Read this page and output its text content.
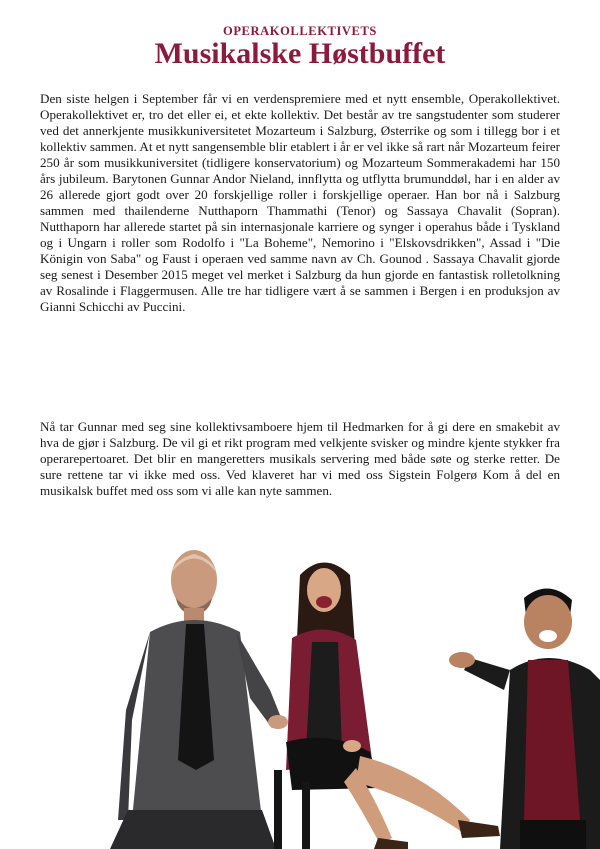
OPERAKOLLEKTIVETS
Musikalske Høstbuffet

Den siste helgen i September får vi en verdenspremiere med et nytt ensemble, Operakollektivet. Operakollektivet er, tro det eller ei, et ekte kollektiv. Det består av tre sangstudenter som studerer ved det annerkjente musikkuniversitetet Mozarteum i Salzburg, Østerrike og som i tillegg bor i et kollektiv sammen. At et nytt sangensemble blir etablert i år er vel ikke så rart når Mozarteum feirer 250 år som musikkuniversitet (tidligere konservatorium) og Mozarteum Sommerakademi har 150 års jubileum. Barytonen Gunnar Andor Nieland, innflytta og utflytta brumunddøl, har i en alder av 26 allerede gjort godt over 20 forskjellige roller i forskjellige operaer. Han bor nå i Salzburg sammen med thailenderne Nutthaporn Thammathi (Tenor) og Sassaya Chavalit (Sopran). Nutthaporn har allerede startet på sin internasjonale karriere og synger i operahus både i Tyskland og i Ungarn i roller som Rodolfo i "La Boheme", Nemorino i "Elskovsdrikken", Assad i "Die Königin von Saba" og Faust i operaen ved samme navn av Ch. Gounod . Sassaya Chavalit gjorde seg senest i Desember 2015 meget vel merket i Salzburg da hun gjorde en fantastisk rolletolkning av Rosalinde i Flaggermusen. Alle tre har tidligere vært å se sammen i Bergen i en produksjon av Gianni Schicchi av Puccini.

Nå tar Gunnar med seg sine kollektivsamboere hjem til Hedmarken for å gi dere en smakebit av hva de gjør i Salzburg. De vil gi et rikt program med velkjente svisker og mindre kjente stykker fra operarepertoaret. Det blir en mangeretters musikals servering med både søte og sterke retter. De sure rettene tar vi ikke med oss. Ved klaveret har vi med oss Sigstein Folgerø Kom å del en musikalsk buffet med oss som vi alle kan nyte sammen.
